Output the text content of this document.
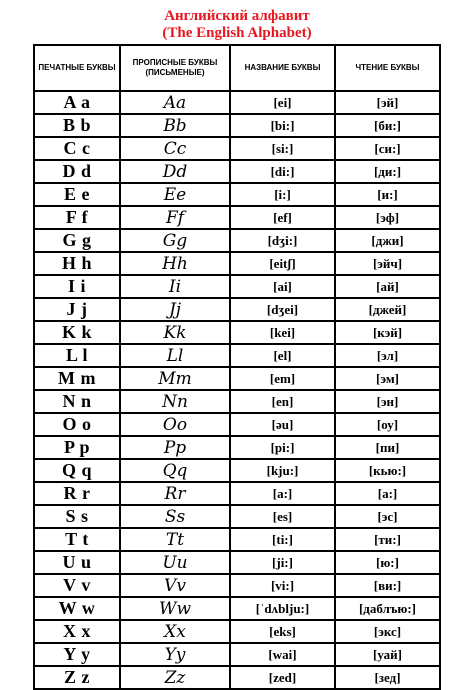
Английский алфавит
(The English Alphabet)
ПЕЧАТНЫЕ БУКВЫ	ПРОПИСНЫЕ БУКВЫ (ПИСЬМЕНЫЕ)	НАЗВАНИЕ БУКВЫ	ЧТЕНИЕ БУКВЫ
A a	Aa	[ei]	[эй]
B b	Bb	[bi:]	[би:]
C c	Cc	[si:]	[си:]
D d	Dd	[di:]	[ди:]
E e	Ee	[i:]	[и:]
F f	Ff	[ef]	[эф]
G g	Gg	[dʒi:]	[джи]
H h	Hh	[eitʃ]	[эйч]
I i	Ii	[ai]	[ай]
J j	Jj	[dʒei]	[джей]
K k	Kk	[kei]	[кэй]
L l	Ll	[el]	[эл]
M m	Mm	[em]	[эм]
N n	Nn	[en]	[эн]
O o	Oo	[əu]	[оу]
P p	Pp	[pi:]	[пи]
Q q	Qq	[kju:]	[кью:]
R r	Rr	[a:]	[а:]
S s	Ss	[es]	[эс]
T t	Tt	[ti:]	[ти:]
U u	Uu	[ji:]	[ю:]
V v	Vv	[vi:]	[ви:]
W w	Ww	[ˈdʌblju:]	[даблъю:]
X x	Xx	[eks]	[экс]
Y y	Yy	[wai]	[уай]
Z z	Zz	[zed]	[зед]
